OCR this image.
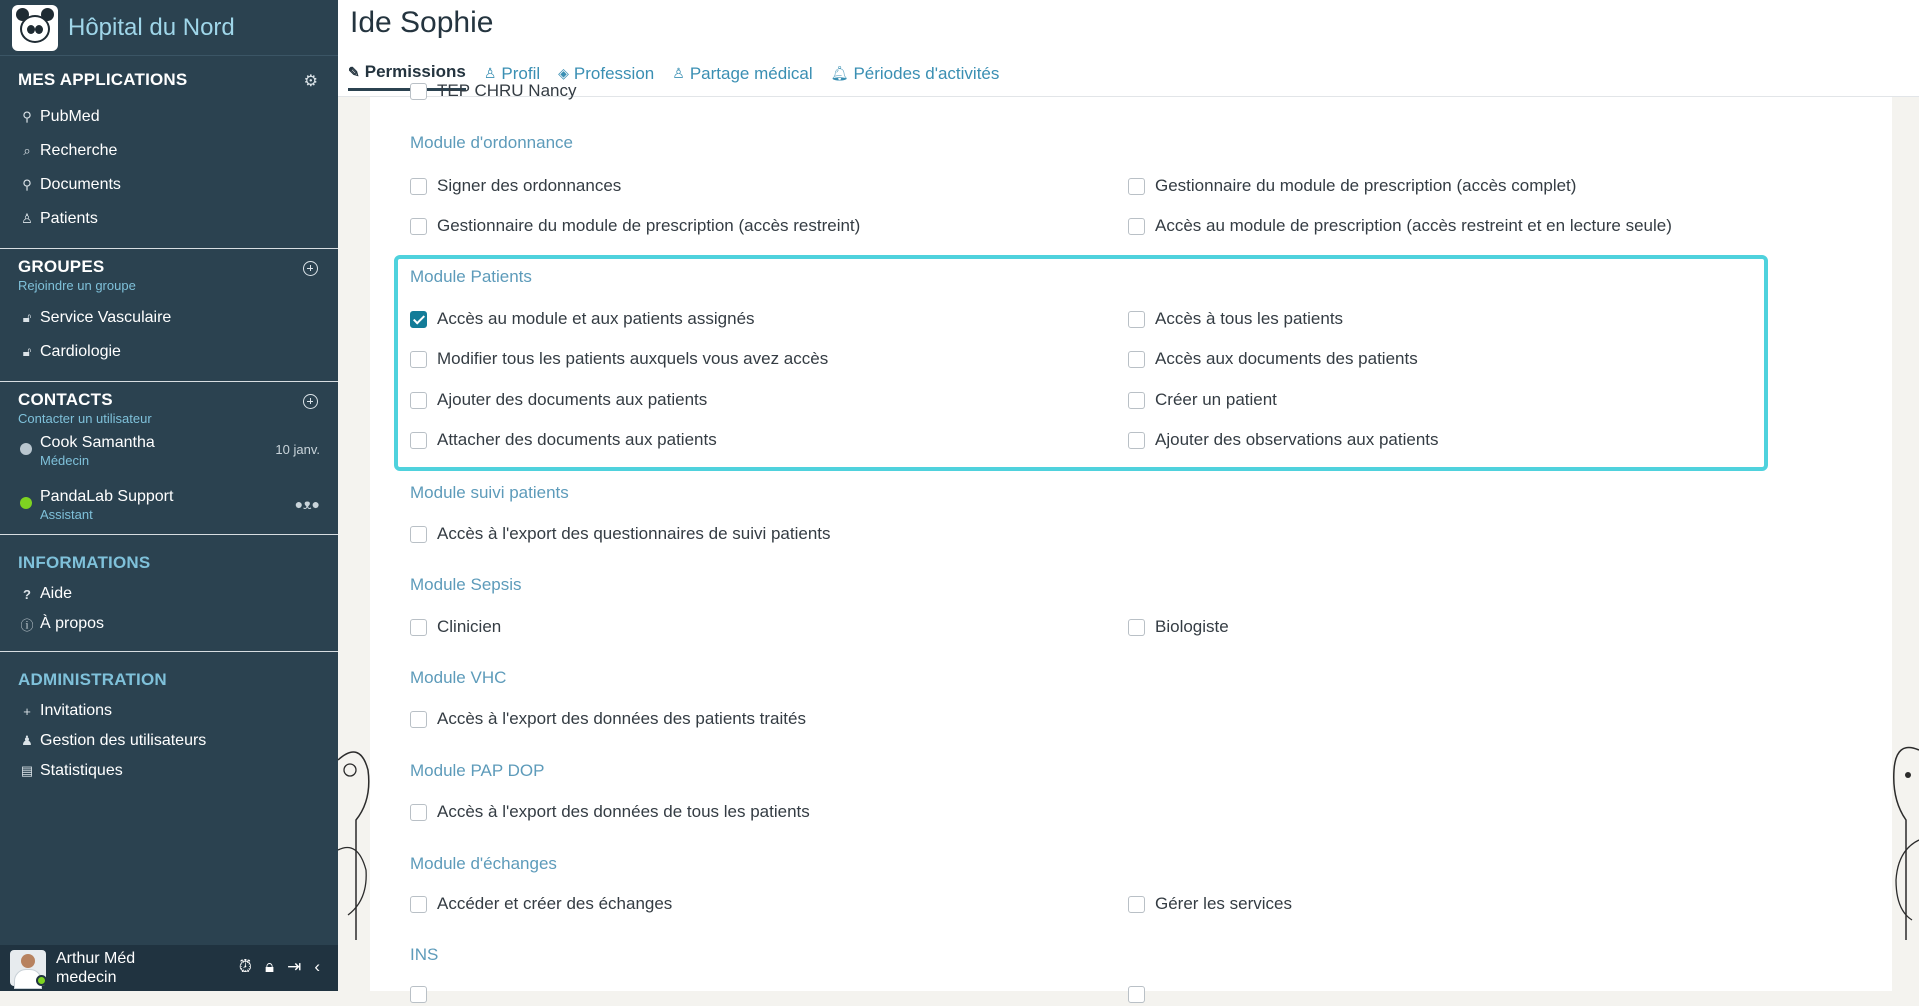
Hôpital du Nord
MES APPLICATIONS	⚙
⚲ PubMed
⌕ Recherche
⚲ Documents
♙ Patients
GROUPES
Rejoindre un groupe
🔓︎ Service Vasculaire
🔓︎ Cardiologie
CONTACTS
Contacter un utilisateur
Cook Samantha
Médecin
10 janv.
PandaLab Support
Assistant
●ᴥ●
INFORMATIONS
? Aide
ⓘ À propos
ADMINISTRATION
+ Invitations
♟ Gestion des utilisateurs
▤ Statistiques
Arthur Méd
medecin
⏰︎ 🔒︎ ⇥ ‹
Ide Sophie
✎ Permissions ♙ Profil ◈ Profession ♙ Partage médical 🔔︎ Périodes d'activités
TEP CHRU Nancy
Module d'ordonnance
Signer des ordonnances	Gestionnaire du module de prescription (accès complet)
Gestionnaire du module de prescription (accès restreint)	Accès au module de prescription (accès restreint et en lecture seule)
Module Patients
Accès au module et aux patients assignés	Accès à tous les patients
Modifier tous les patients auxquels vous avez accès	Accès aux documents des patients
Ajouter des documents aux patients	Créer un patient
Attacher des documents aux patients	Ajouter des observations aux patients
Module suivi patients
Accès à l'export des questionnaires de suivi patients
Module Sepsis
Clinicien	Biologiste
Module VHC
Accès à l'export des données des patients traités
Module PAP DOP
Accès à l'export des données de tous les patients
Module d'échanges
Accéder et créer des échanges	Gérer les services
INS
